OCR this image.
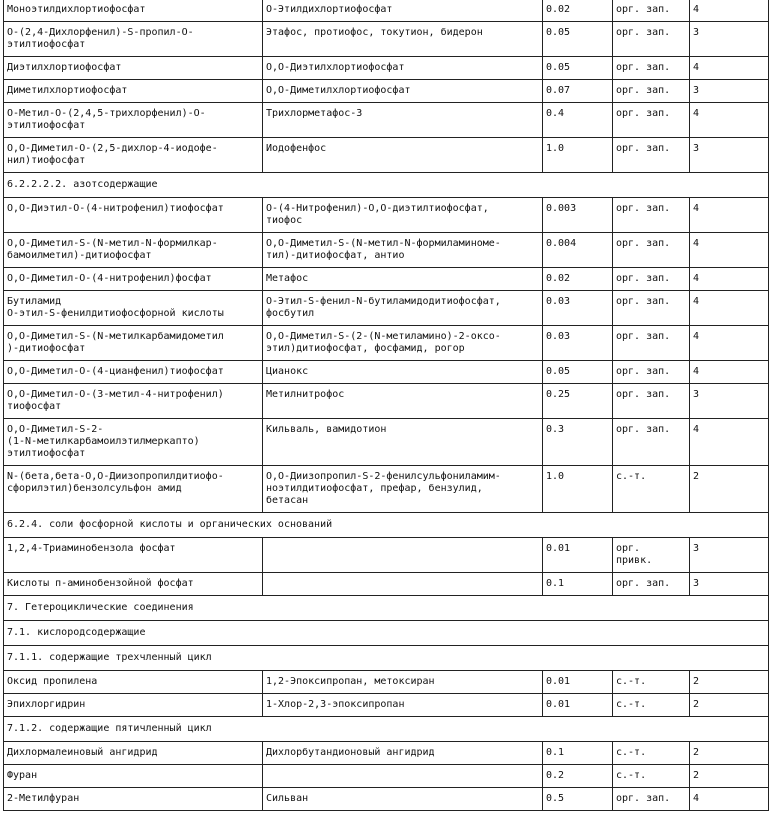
Моноэтилдихлортиофосфат	O-Этилдихлортиофосфат	0.02	орг. зап.	4
O-(2,4-Дихлорфенил)-S-пропил-O-
этилтиофосфат	Этафос, протиофос, токутион, бидерон	0.05	орг. зап.	3
Диэтилхлортиофосфат	O,O-Диэтилхлортиофосфат	0.05	орг. зап.	4
Диметилхлортиофосфат	O,O-Диметилхлортиофосфат	0.07	орг. зап.	3
O-Метил-O-(2,4,5-трихлорфенил)-O-
этилтиофосфат	Трихлорметафос-3	0.4	орг. зап.	4
O,O-Диметил-O-(2,5-дихлор-4-иодофе-
нил)тиофосфат	Иодофенфос	1.0	орг. зап.	3
6.2.2.2.2. азотсодержащие				
O,O-Диэтил-O-(4-нитрофенил)тиофосфат	O-(4-Нитрофенил)-O,O-диэтилтиофосфат,
тиофос	0.003	орг. зап.	4
O,O-Диметил-S-(N-метил-N-формилкар-
бамоилметил)-дитиофосфат	O,O-Диметил-S-(N-метил-N-формиламиноме-
тил)-дитиофосфат, антио	0.004	орг. зап.	4
O,O-Диметил-O-(4-нитрофенил)фосфат	Метафос	0.02	орг. зап.	4
Бутиламид
O-этил-S-фенилдитиофосфорной кислоты	O-Этил-S-фенил-N-бутиламидодитиофосфат,
фосбутил	0.03	орг. зап.	4
O,O-Диметил-S-(N-метилкарбамидометил
)-дитиофосфат	O,O-Диметил-S-(2-(N-метиламино)-2-оксо-
этил)дитиофосфат, фосфамид, рогор	0.03	орг. зап.	4
O,O-Диметил-O-(4-цианфенил)тиофосфат	Цианокс	0.05	орг. зап.	4
O,O-Диметил-O-(3-метил-4-нитрофенил)
тиофосфат	Метилнитрофос	0.25	орг. зап.	3
O,O-Диметил-S-2-
(1-N-метилкарбамоилэтилмеркапто)
этилтиофосфат	Кильваль, вамидотион	0.3	орг. зап.	4
N-(бета,бета-O,O-Диизопропилдитиофо-
сфорилэтил)бензолсульфон амид	O,O-Диизопропил-S-2-фенилсульфониламим-
ноэтилдитиофосфат, префар, бензулид,
бетасан	1.0	с.-т.	2
6.2.4. соли фосфорной кислоты и органических оснований				
1,2,4-Триаминобензола фосфат		0.01	орг.
привк.	3
Кислоты п-аминобензойной фосфат		0.1	орг. зап.	3
7. Гетероциклические соединения				
7.1. кислородсодержащие				
7.1.1. содержащие трехчленный цикл				
Оксид пропилена	1,2-Эпоксипропан, метоксиран	0.01	с.-т.	2
Эпихлоргидрин	1-Хлор-2,3-эпоксипропан	0.01	с.-т.	2
7.1.2. содержащие пятичленный цикл				
Дихлормалеиновый ангидрид	Дихлорбутандионовый ангидрид	0.1	с.-т.	2
Фуран		0.2	с.-т.	2
2-Метилфуран	Сильван	0.5	орг. зап.	4
